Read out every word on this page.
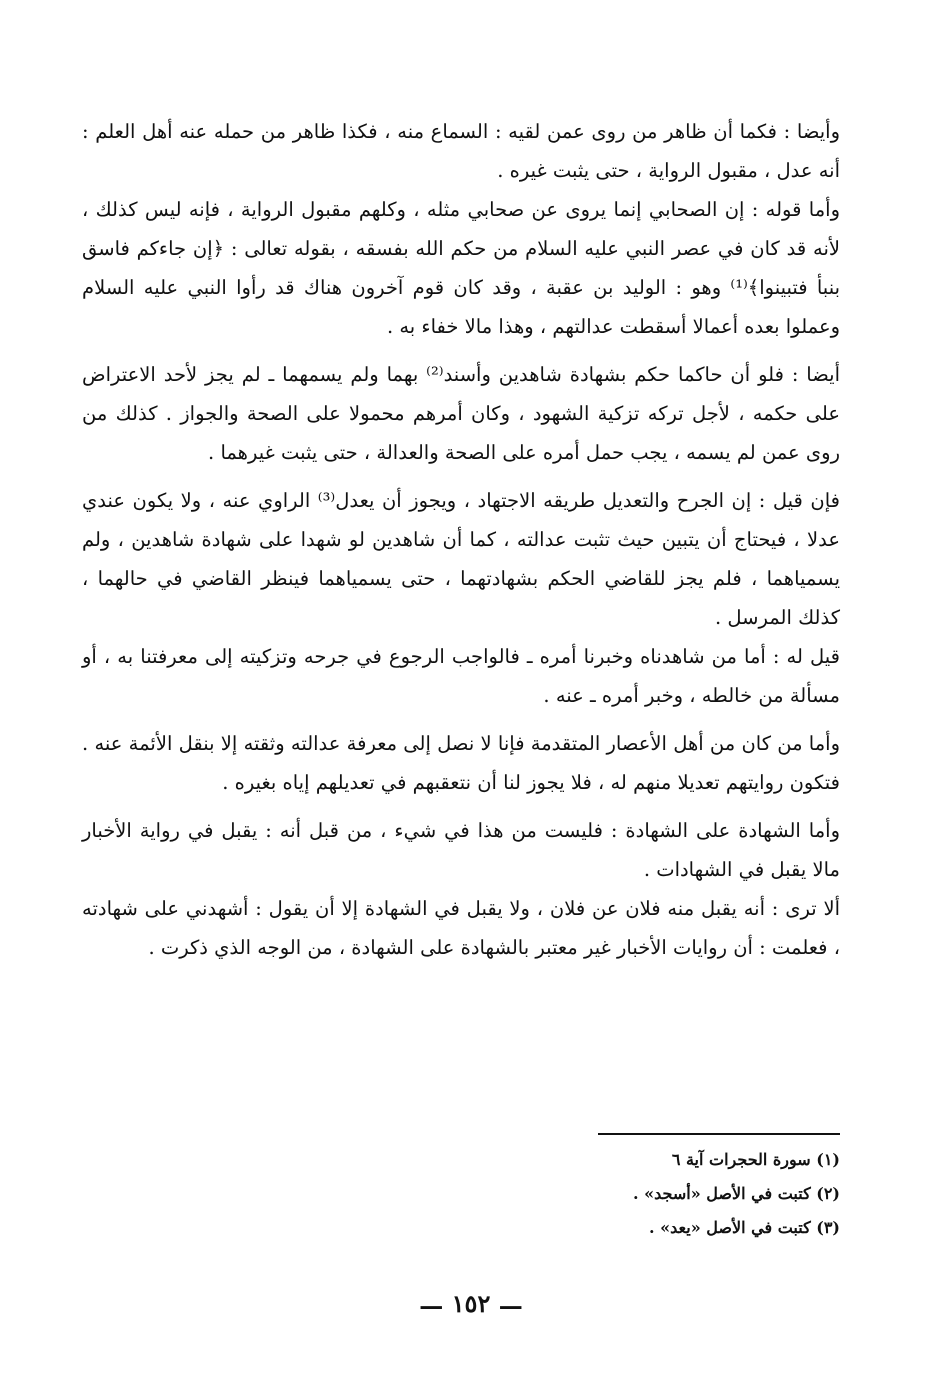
وأيضا : فكما أن ظاهر من روى عمن لقيه : السماع منه ، فكذا ظاهر من حمله عنه أهل العلم : أنه عدل ، مقبول الرواية ، حتى يثبت غيره .

وأما قوله : إن الصحابي إنما يروى عن صحابي مثله ، وكلهم مقبول الرواية ، فإنه ليس كذلك ، لأنه قد كان في عصر النبي عليه السلام من حكم الله بفسقه ، بقوله تعالى : ﴿إن جاءكم فاسق بنبأ فتبينوا﴾⁽¹⁾ وهو : الوليد بن عقبة ، وقد كان قوم آخرون هناك قد رأوا النبي عليه السلام وعملوا بعده أعمالا أسقطت عدالتهم ، وهذا مالا خفاء به .

أيضا : فلو أن حاكما حكم بشهادة شاهدين وأسند⁽²⁾ بهما ولم يسمهما ـ لم يجز لأحد الاعتراض على حكمه ، لأجل تركه تزكية الشهود ، وكان أمرهم محمولا على الصحة والجواز . كذلك من روى عمن لم يسمه ، يجب حمل أمره على الصحة والعدالة ، حتى يثبت غيرهما .

فإن قيل : إن الجرح والتعديل طريقه الاجتهاد ، ويجوز أن يعدل⁽³⁾ الراوي عنه ، ولا يكون عندي عدلا ، فيحتاج أن يتبين حيث تثبت عدالته ، كما أن شاهدين لو شهدا على شهادة شاهدين ، ولم يسمياهما ، فلم يجز للقاضي الحكم بشهادتهما ، حتى يسمياهما فينظر القاضي في حالهما ، كذلك المرسل .

قيل له : أما من شاهدناه وخبرنا أمره ـ فالواجب الرجوع في جرحه وتزكيته إلى معرفتنا به ، أو مسألة من خالطه ، وخبر أمره ـ عنه .

وأما من كان من أهل الأعصار المتقدمة فإنا لا نصل إلى معرفة عدالته وثقته إلا بنقل الأئمة عنه . فتكون روايتهم تعديلا منهم له ، فلا يجوز لنا أن نتعقبهم في تعديلهم إياه بغيره .

وأما الشهادة على الشهادة : فليست من هذا في شيء ، من قبل أنه : يقبل في رواية الأخبار مالا يقبل في الشهادات .

ألا ترى : أنه يقبل منه فلان عن فلان ، ولا يقبل في الشهادة إلا أن يقول : أشهدني على شهادته ، فعلمت : أن روايات الأخبار غير معتبر بالشهادة على الشهادة ، من الوجه الذي ذكرت .

(١) سورة الحجرات آية ٦

(٢) كتبت في الأصل «أسجد» .

(٣) كتبت في الأصل «يعد» .

— ١٥٢ —
